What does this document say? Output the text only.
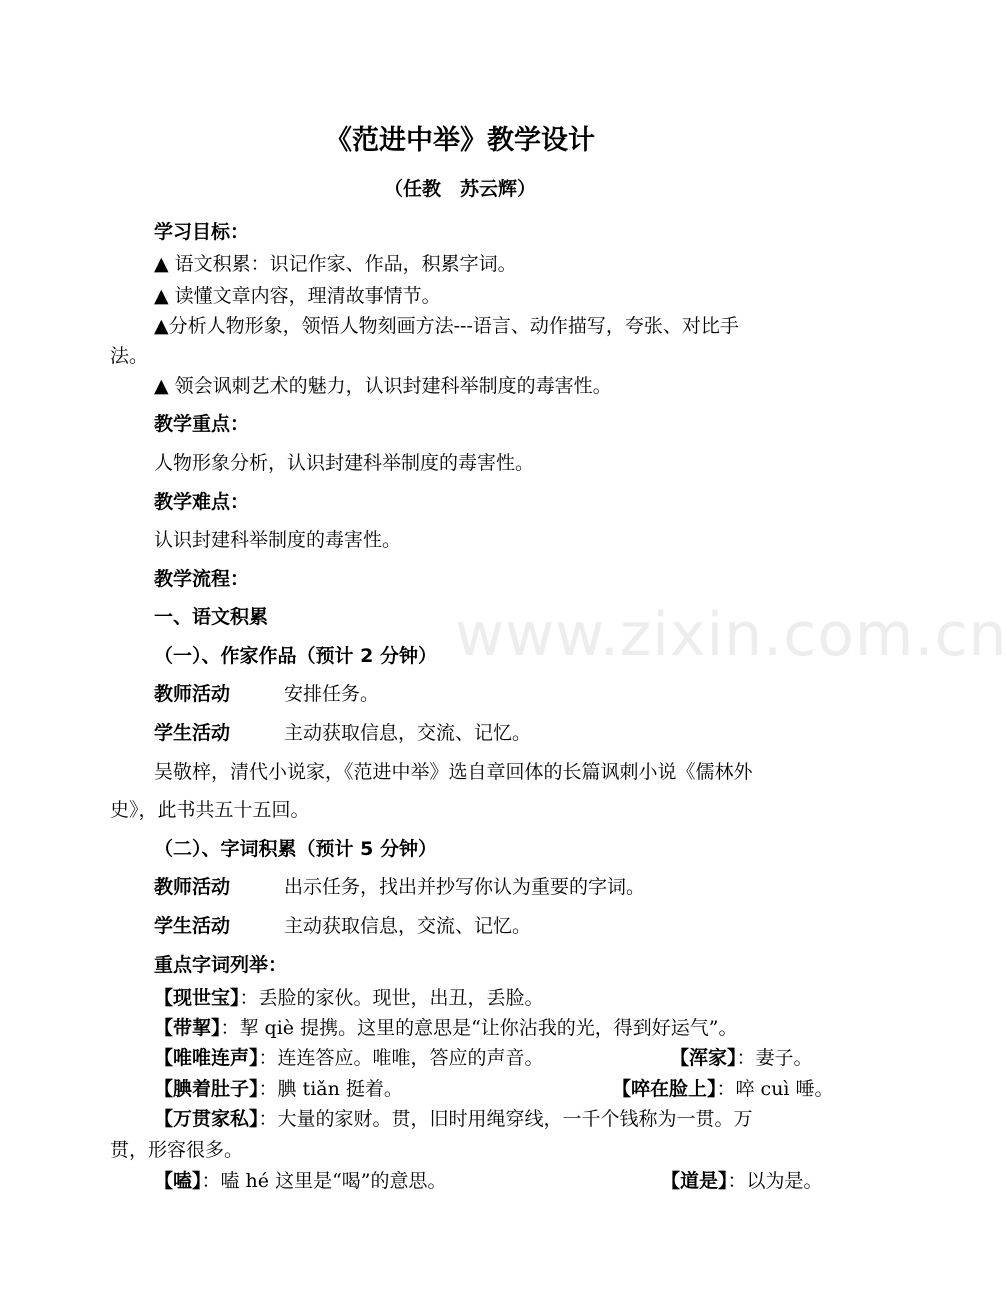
www.zixin.com.cn
《范进中举》教学设计
（任教　苏云辉）
学习目标：
▲ 语文积累：识记作家、作品，积累字词。
▲ 读懂文章内容，理清故事情节。
▲分析人物形象，领悟人物刻画方法---语言、动作描写，夸张、对比手
法。
▲ 领会讽刺艺术的魅力，认识封建科举制度的毒害性。
教学重点：
人物形象分析，认识封建科举制度的毒害性。
教学难点：
认识封建科举制度的毒害性。
教学流程：
一、语文积累
（一）、作家作品（预计 2 分钟）
教师活动	安排任务。
学生活动	主动获取信息，交流、记忆。
吴敬梓，清代小说家，《范进中举》选自章回体的长篇讽刺小说《儒林外
史》，此书共五十五回。
（二）、字词积累（预计 5 分钟）
教师活动	出示任务，找出并抄写你认为重要的字词。
学生活动	主动获取信息，交流、记忆。
重点字词列举：
【现世宝】：丢脸的家伙。现世，出丑，丢脸。
【带挈】：挈 qiè 提携。这里的意思是“让你沾我的光，得到好运气”。
【唯唯连声】：连连答应。唯唯，答应的声音。	【浑家】：妻子。
【腆着肚子】：腆 tiǎn 挺着。	【啐在脸上】：啐 cuì 唾。
【万贯家私】：大量的家财。贯，旧时用绳穿线，一千个钱称为一贯。万
贯，形容很多。
【嗑】：嗑 hé 这里是“喝”的意思。	【道是】：以为是。
